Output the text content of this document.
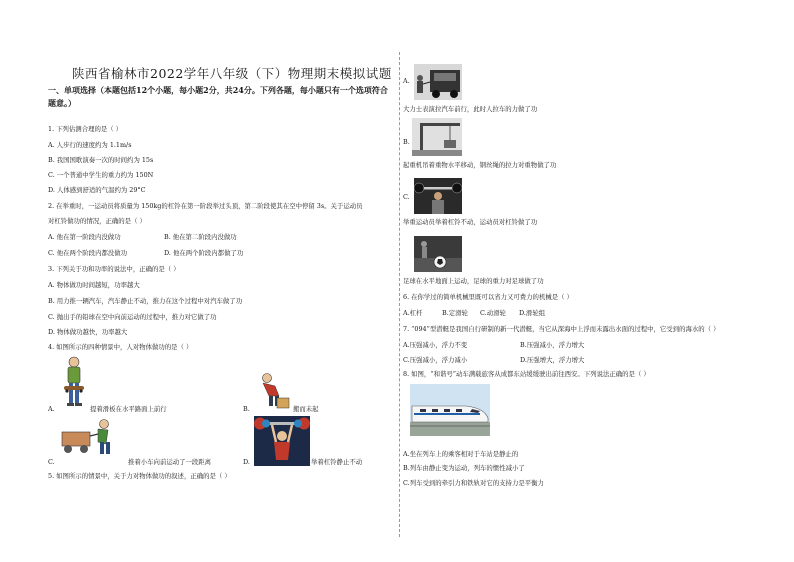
陕西省榆林市2022学年八年级（下）物理期末模拟试题
一、单项选择（本题包括12个小题，每小题2分，共24分。下列各题，每小题只有一个选项符合
题意。）
1. 下列估测合理的是（ ）
A. 人步行的速度约为 1.1m/s
B. 我国国歌演奏一次的时间约为 15s
C. 一个普通中学生的重力约为 150N
D. 人体感到舒适的气温约为 29°C
2. 在举重时，一运动员将质量为 150kg的杠铃在第一阶段举过头顶，第二阶段使其在空中停留 3s。关于运动员
对杠铃做功的情况，正确的是（ ）
A. 他在第一阶段内没做功	B. 他在第二阶段内没做功
C. 他在两个阶段内都没做功	D. 他在两个阶段内都做了功
3. 下列关于功和功率的说法中，正确的是（ ）
A. 物体做功时间越短，功率越大
B. 用力推一辆汽车，汽车静止不动，推力在这个过程中对汽车做了功
C. 抛出手的铅球在空中向前运动的过程中，推力对它做了功
D. 物体做功越快，功率越大
4. 如图所示的四种情景中，人对物体做功的是（ ）
A.	提着滑板在水平路面上前行	B.	搬而未起
C.	推着小车向前运动了一段距离	D.	举着杠铃静止不动
5. 如图所示的情景中，关于力对物体做功的叙述，正确的是（ ）
A.
大力士表演拉汽车前行，此时人拉车的力做了功
B.
起重机吊着重物水平移动，钢丝绳的拉力对重物做了功
C.
举重运动员举着杠铃不动，运动员对杠铃做了功
足球在水平地面上运动，足球的重力对足球做了功
6. 在你学过的简单机械里既可以省力又可费力的机械是（ ）
A.杠杆	B.定滑轮 C.动滑轮 D.滑轮组
7. “094”型潜艇是我国自行研制的新一代潜艇，当它从深海中上浮而未露出水面的过程中，它受到的海水的（ ）
A.压强减小，浮力不变	B.压强减小，浮力增大
C.压强减小，浮力减小	D.压强增大，浮力增大
8. 如图，“和谐号”动车满载旅客从成都东站缓缓驶出前往西安。下列说法正确的是（ ）
A.坐在列车上的乘客相对于车站是静止的
B.列车由静止变为运动，列车的惯性减小了
C.列车受到的牵引力和铁轨对它的支持力是平衡力
